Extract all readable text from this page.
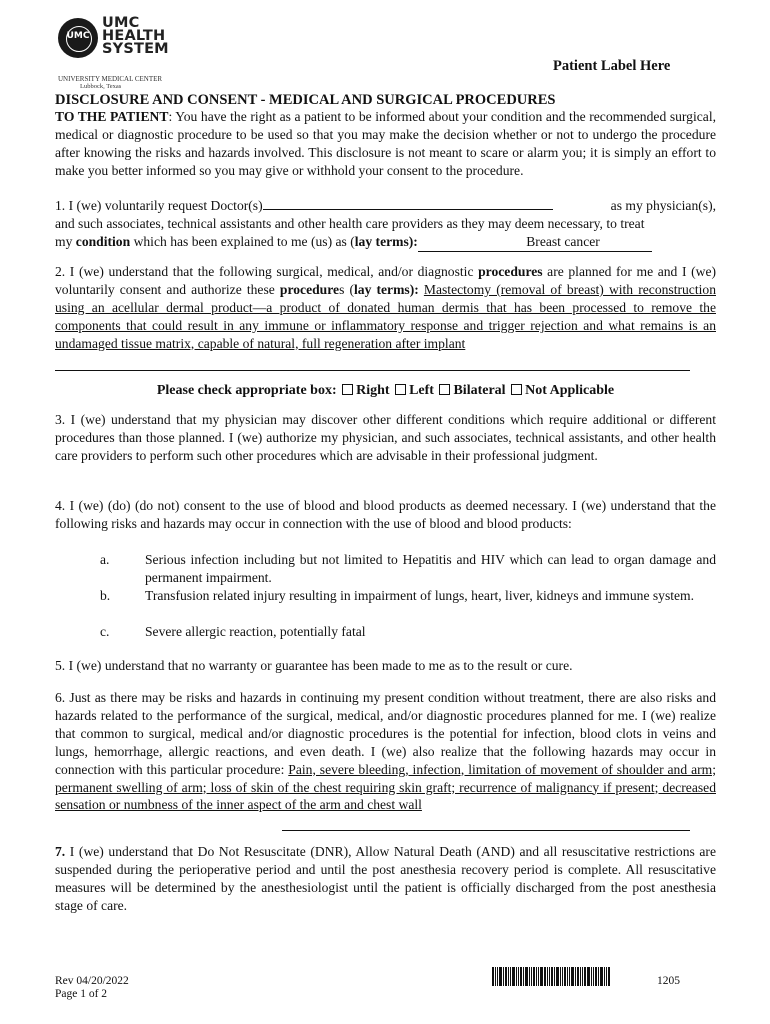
UMC
UMC
HEALTH
SYSTEM
UNIVERSITY MEDICAL CENTER
Lubbock, Texas
Patient Label Here
DISCLOSURE AND CONSENT - MEDICAL AND SURGICAL PROCEDURES
TO THE PATIENT: You have the right as a patient to be informed about your condition and the recommended surgical, medical or diagnostic procedure to be used so that you may make the decision whether or not to undergo the procedure after knowing the risks and hazards involved. This disclosure is not meant to scare or alarm you; it is simply an effort to make you better informed so you may give or withhold your consent to the procedure.
1. I (we) voluntarily request Doctor(s)	as my physician(s),
and such associates, technical assistants and other health care providers as they may deem necessary, to treat
my condition which has been explained to me (us) as (lay terms):	Breast cancer
2. I (we) understand that the following surgical, medical, and/or diagnostic procedures are planned for me and I (we) voluntarily consent and authorize these procedures (lay terms): Mastectomy (removal of breast) with reconstruction using an acellular dermal product—a product of donated human dermis that has been processed to remove the components that could result in any immune or inflammatory response and trigger rejection and what remains is an undamaged tissue matrix, capable of natural, full regeneration after implant
Please check appropriate box: Right Left Bilateral Not Applicable
3. I (we) understand that my physician may discover other different conditions which require additional or different procedures than those planned. I (we) authorize my physician, and such associates, technical assistants, and other health care providers to perform such other procedures which are advisable in their professional judgment.
4. I (we) (do) (do not) consent to the use of blood and blood products as deemed necessary. I (we) understand that the following risks and hazards may occur in connection with the use of blood and blood products:
a.	Serious infection including but not limited to Hepatitis and HIV which can lead to organ damage and permanent impairment.
b.	Transfusion related injury resulting in impairment of lungs, heart, liver, kidneys and immune system.
c.	Severe allergic reaction, potentially fatal
5. I (we) understand that no warranty or guarantee has been made to me as to the result or cure.
6. Just as there may be risks and hazards in continuing my present condition without treatment, there are also risks and hazards related to the performance of the surgical, medical, and/or diagnostic procedures planned for me. I (we) realize that common to surgical, medical and/or diagnostic procedures is the potential for infection, blood clots in veins and lungs, hemorrhage, allergic reactions, and even death. I (we) also realize that the following hazards may occur in connection with this particular procedure: Pain, severe bleeding, infection, limitation of movement of shoulder and arm; permanent swelling of arm; loss of skin of the chest requiring skin graft; recurrence of malignancy if present; decreased sensation or numbness of the inner aspect of the arm and chest wall
7. I (we) understand that Do Not Resuscitate (DNR), Allow Natural Death (AND) and all resuscitative restrictions are suspended during the perioperative period and until the post anesthesia recovery period is complete. All resuscitative measures will be determined by the anesthesiologist until the patient is officially discharged from the post anesthesia stage of care.
Rev 04/20/2022
Page 1 of 2
1205
